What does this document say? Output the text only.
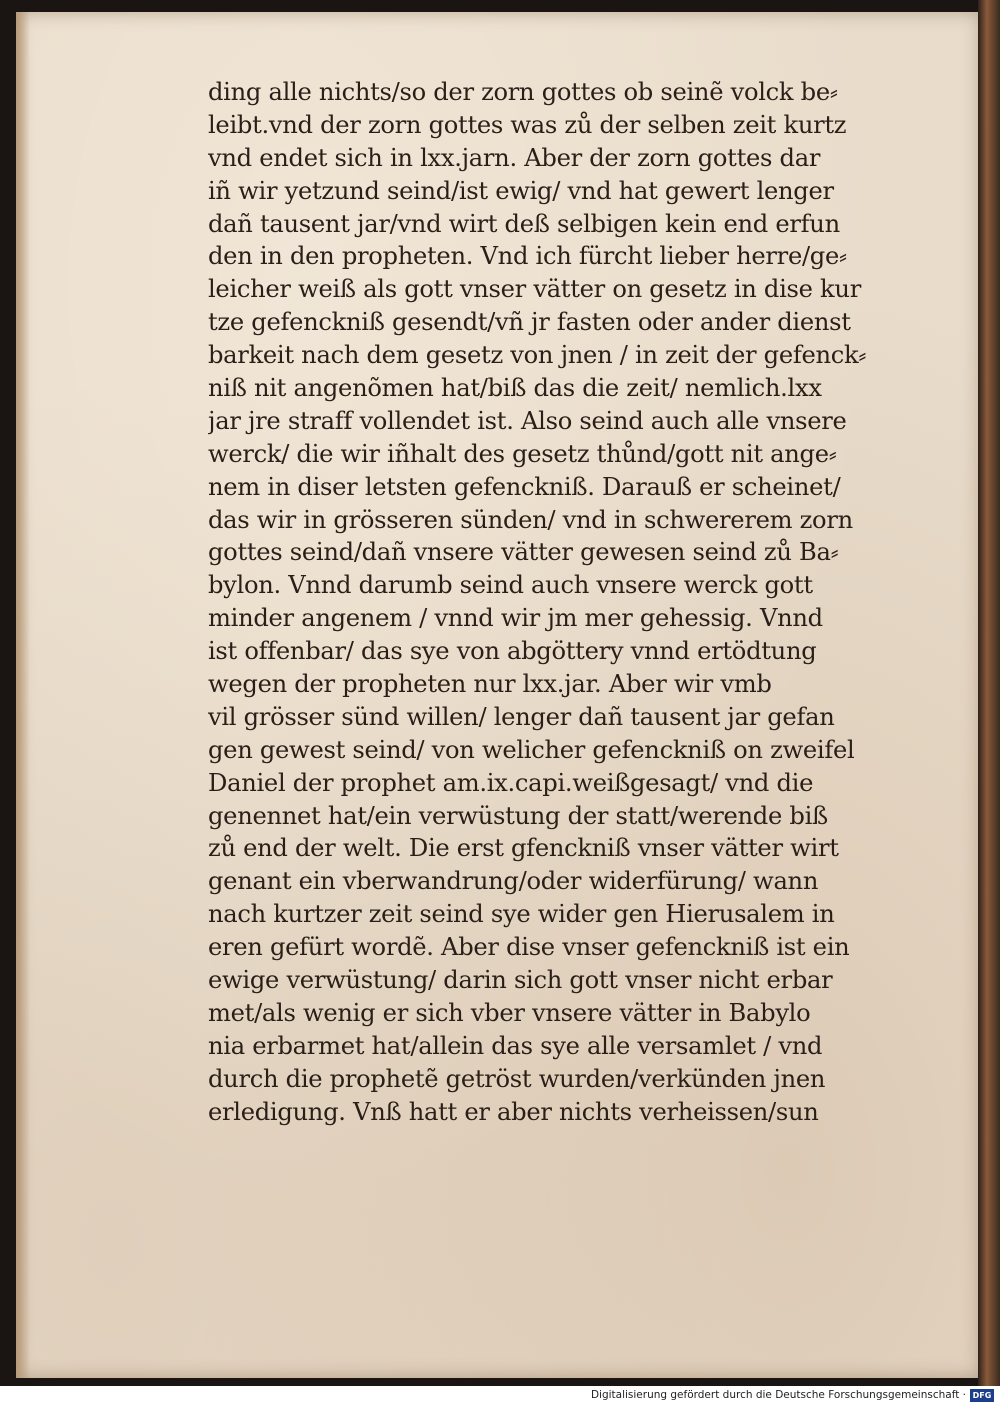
ding alle nichts/so der zorn gottes ob seinẽ volck be⸗
leibt.vnd der zorn gottes was zů der selben zeit kurtz
vnd endet sich in lxx.jarn. Aber der zorn gottes dar
iñ wir yetzund seind/ist ewig/ vnd hat gewert lenger
dañ tausent jar/vnd wirt deß selbigen kein end erfun
den in den propheten. Vnd ich fürcht lieber herre/ge⸗
leicher weiß als gott vnser vätter on gesetz in dise kur
tze gefenckniß gesendt/vñ jr fasten oder ander dienst
barkeit nach dem gesetz von jnen / in zeit der gefenck⸗
niß nit angenõmen hat/biß das die zeit/ nemlich.lxx
jar jre straff vollendet ist. Also seind auch alle vnsere
werck/ die wir iñhalt des gesetz thůnd/gott nit ange⸗
nem in diser letsten gefenckniß. Darauß er scheinet/
das wir in grösseren sünden/ vnd in schwererem zorn
gottes seind/dañ vnsere vätter gewesen seind zů Ba⸗
bylon. Vnnd darumb seind auch vnsere werck gott
minder angenem / vnnd wir jm mer gehessig. Vnnd
ist offenbar/ das sye von abgöttery vnnd ertödtung
wegen der propheten nur lxx.jar. Aber wir vmb
vil grösser sünd willen/ lenger dañ tausent jar gefan
gen gewest seind/ von welicher gefenckniß on zweifel
Daniel der prophet am.ix.capi.weißgesagt/ vnd die
genennet hat/ein verwüstung der statt/werende biß
zů end der welt. Die erst gfenckniß vnser vätter wirt
genant ein vberwandrung/oder widerfürung/ wann
nach kurtzer zeit seind sye wider gen Hierusalem in
eren gefürt wordẽ. Aber dise vnser gefenckniß ist ein
ewige verwüstung/ darin sich gott vnser nicht erbar
met/als wenig er sich vber vnsere vätter in Babylo
nia erbarmet hat/allein das sye alle versamlet / vnd
durch die prophetẽ getröst wurden/verkünden jnen
erledigung. Vnß hatt er aber nichts verheissen/sun
Digitalisierung gefördert durch die Deutsche Forschungsgemeinschaft · DFG
